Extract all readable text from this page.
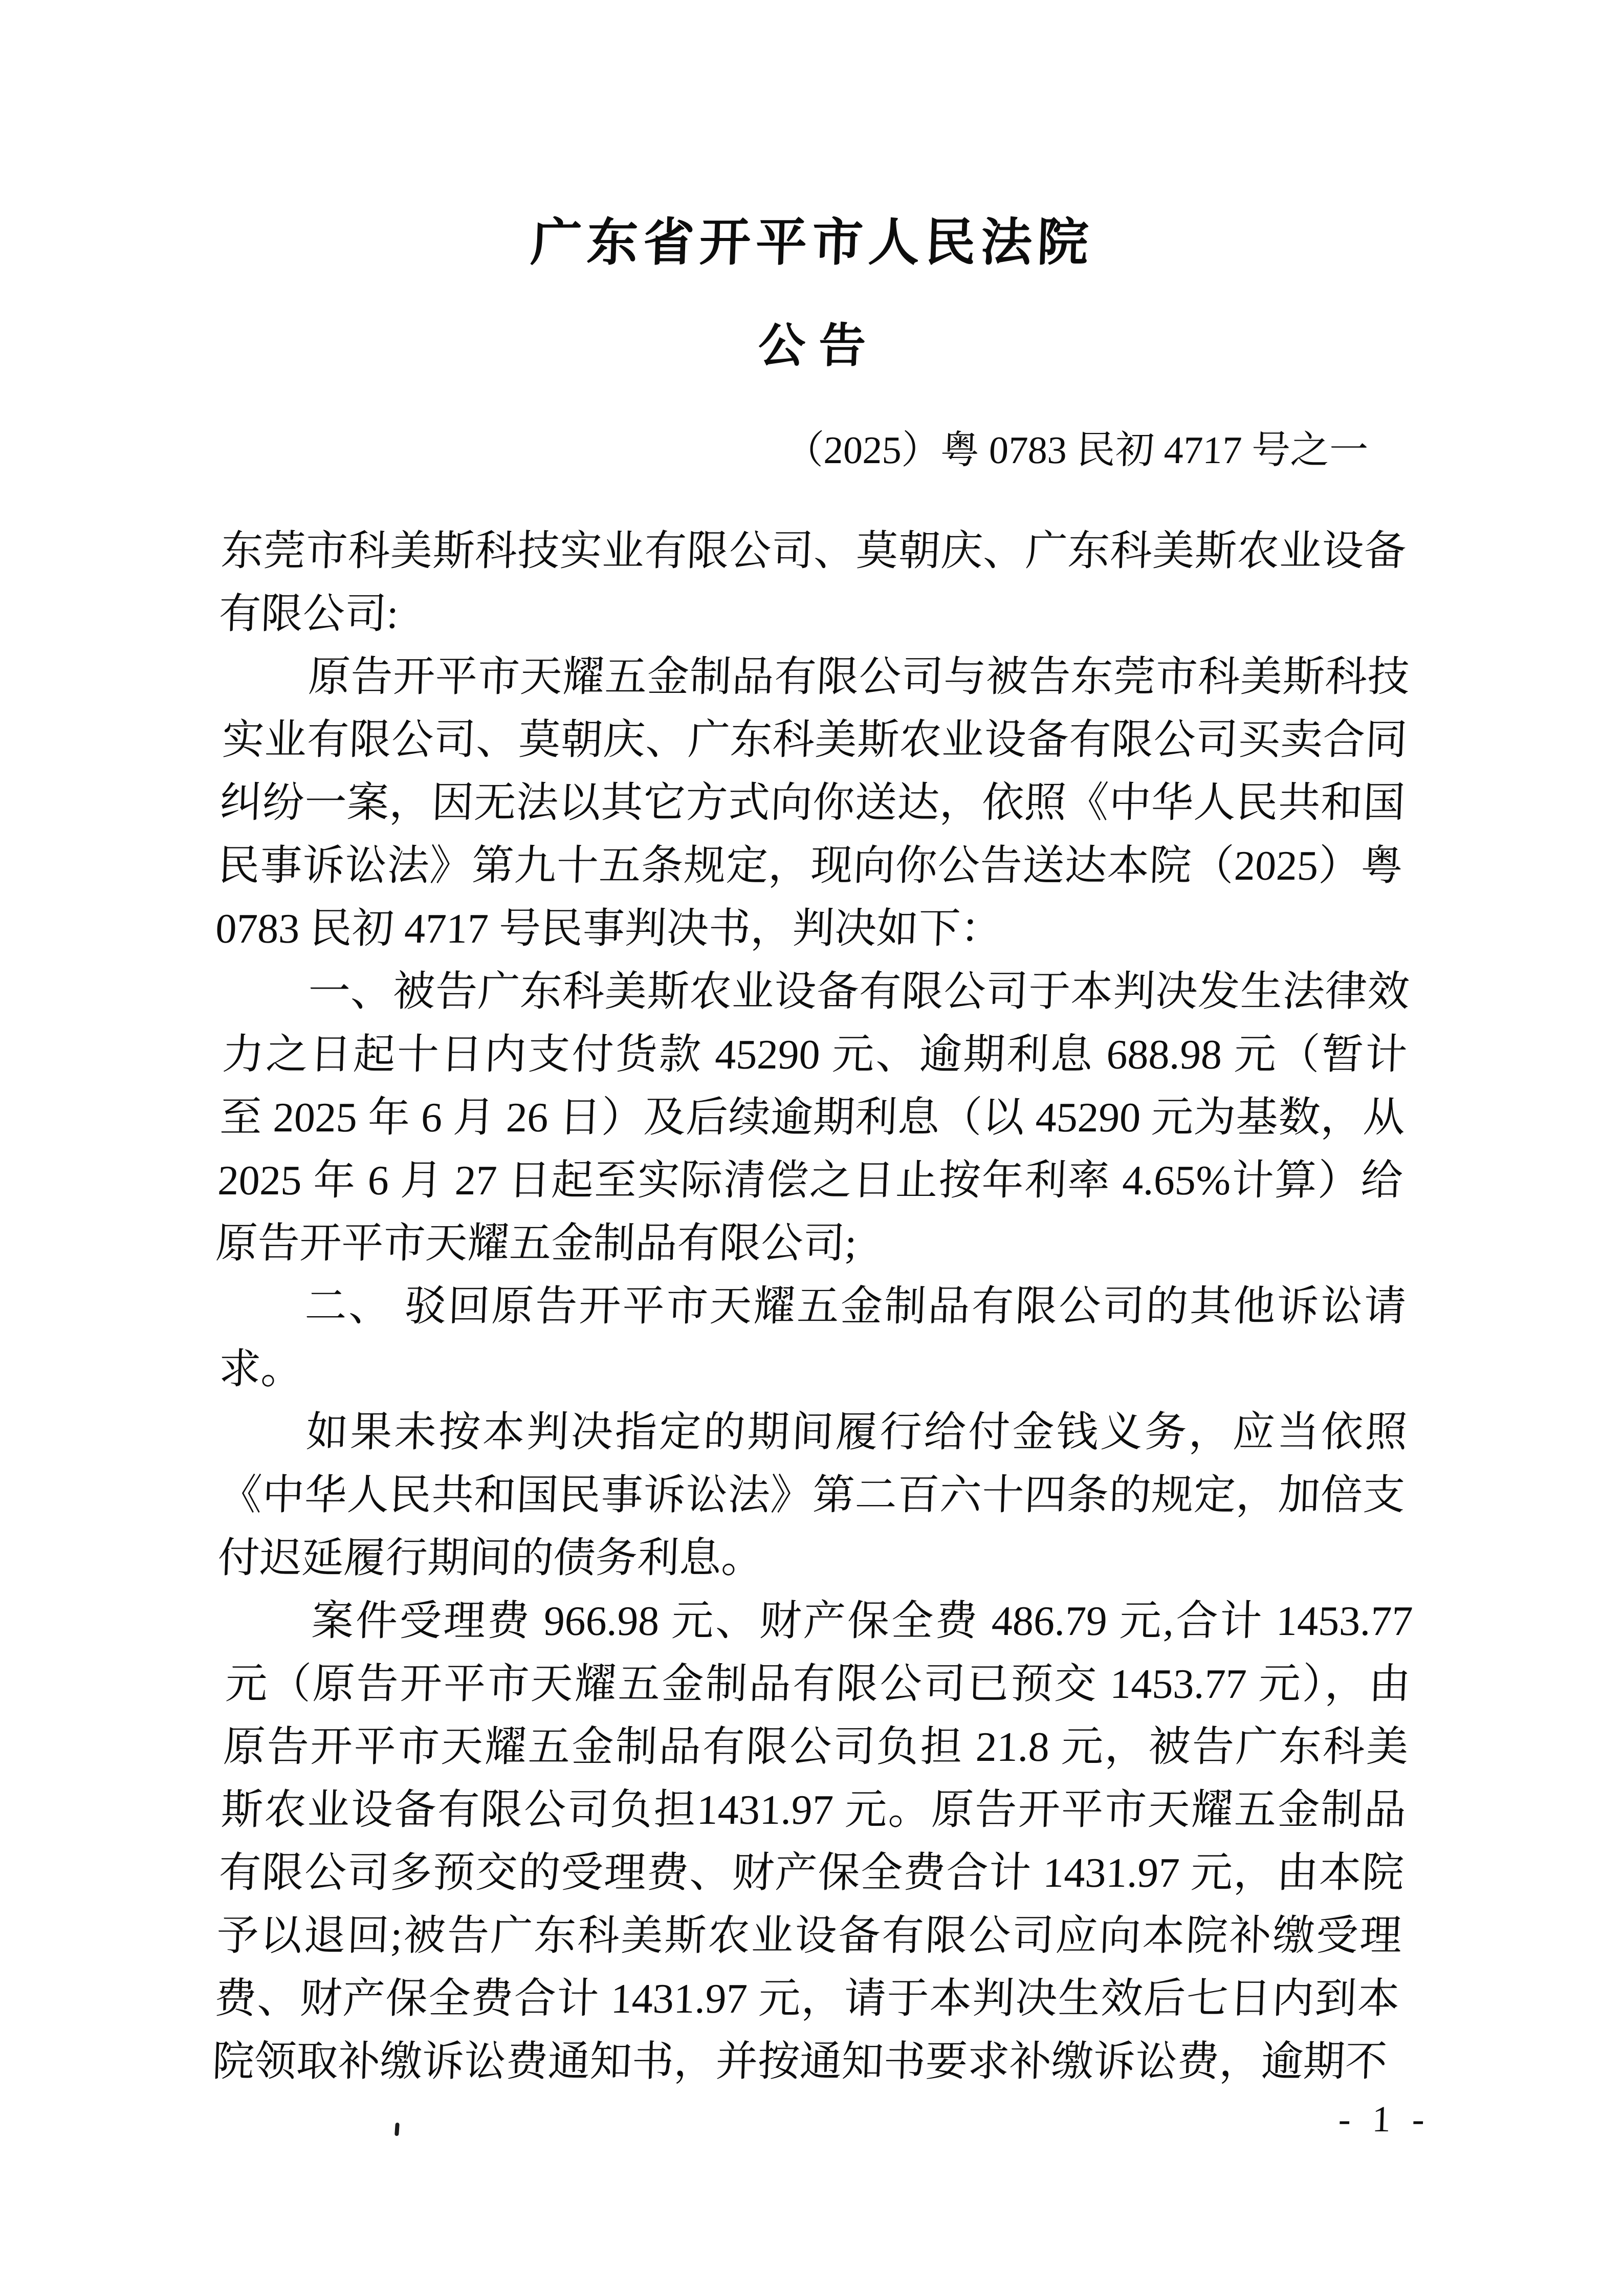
广东省开平市人民法院
公告
（2025）粤 0783 民初 4717 号之一

东莞市科美斯科技实业有限公司、莫朝庆、广东科美斯农业设备有限公司:

原告开平市天耀五金制品有限公司与被告东莞市科美斯科技实业有限公司、莫朝庆、广东科美斯农业设备有限公司买卖合同纠纷一案，因无法以其它方式向你送达，依照《中华人民共和国民事诉讼法》第九十五条规定，现向你公告送达本院（2025）粤 0783 民初 4717 号民事判决书，判决如下：

一、被告广东科美斯农业设备有限公司于本判决发生法律效力之日起十日内支付货款 45290 元、逾期利息 688.98 元（暂计至 2025 年 6 月 26 日）及后续逾期利息（以 45290 元为基数，从 2025 年 6 月 27 日起至实际清偿之日止按年利率 4.65%计算）给原告开平市天耀五金制品有限公司;

二、 驳回原告开平市天耀五金制品有限公司的其他诉讼请求。

如果未按本判决指定的期间履行给付金钱义务，应当依照《中华人民共和国民事诉讼法》第二百六十四条的规定，加倍支付迟延履行期间的债务利息。

案件受理费 966.98 元、财产保全费 486.79 元,合计 1453.77 元（原告开平市天耀五金制品有限公司已预交 1453.77 元），由原告开平市天耀五金制品有限公司负担 21.8 元，被告广东科美斯农业设备有限公司负担1431.97 元。原告开平市天耀五金制品有限公司多预交的受理费、财产保全费合计 1431.97 元，由本院予以退回;被告广东科美斯农业设备有限公司应向本院补缴受理费、财产保全费合计 1431.97 元，请于本判决生效后七日内到本院领取补缴诉讼费通知书，并按通知书要求补缴诉讼费，逾期不

- 1 -
